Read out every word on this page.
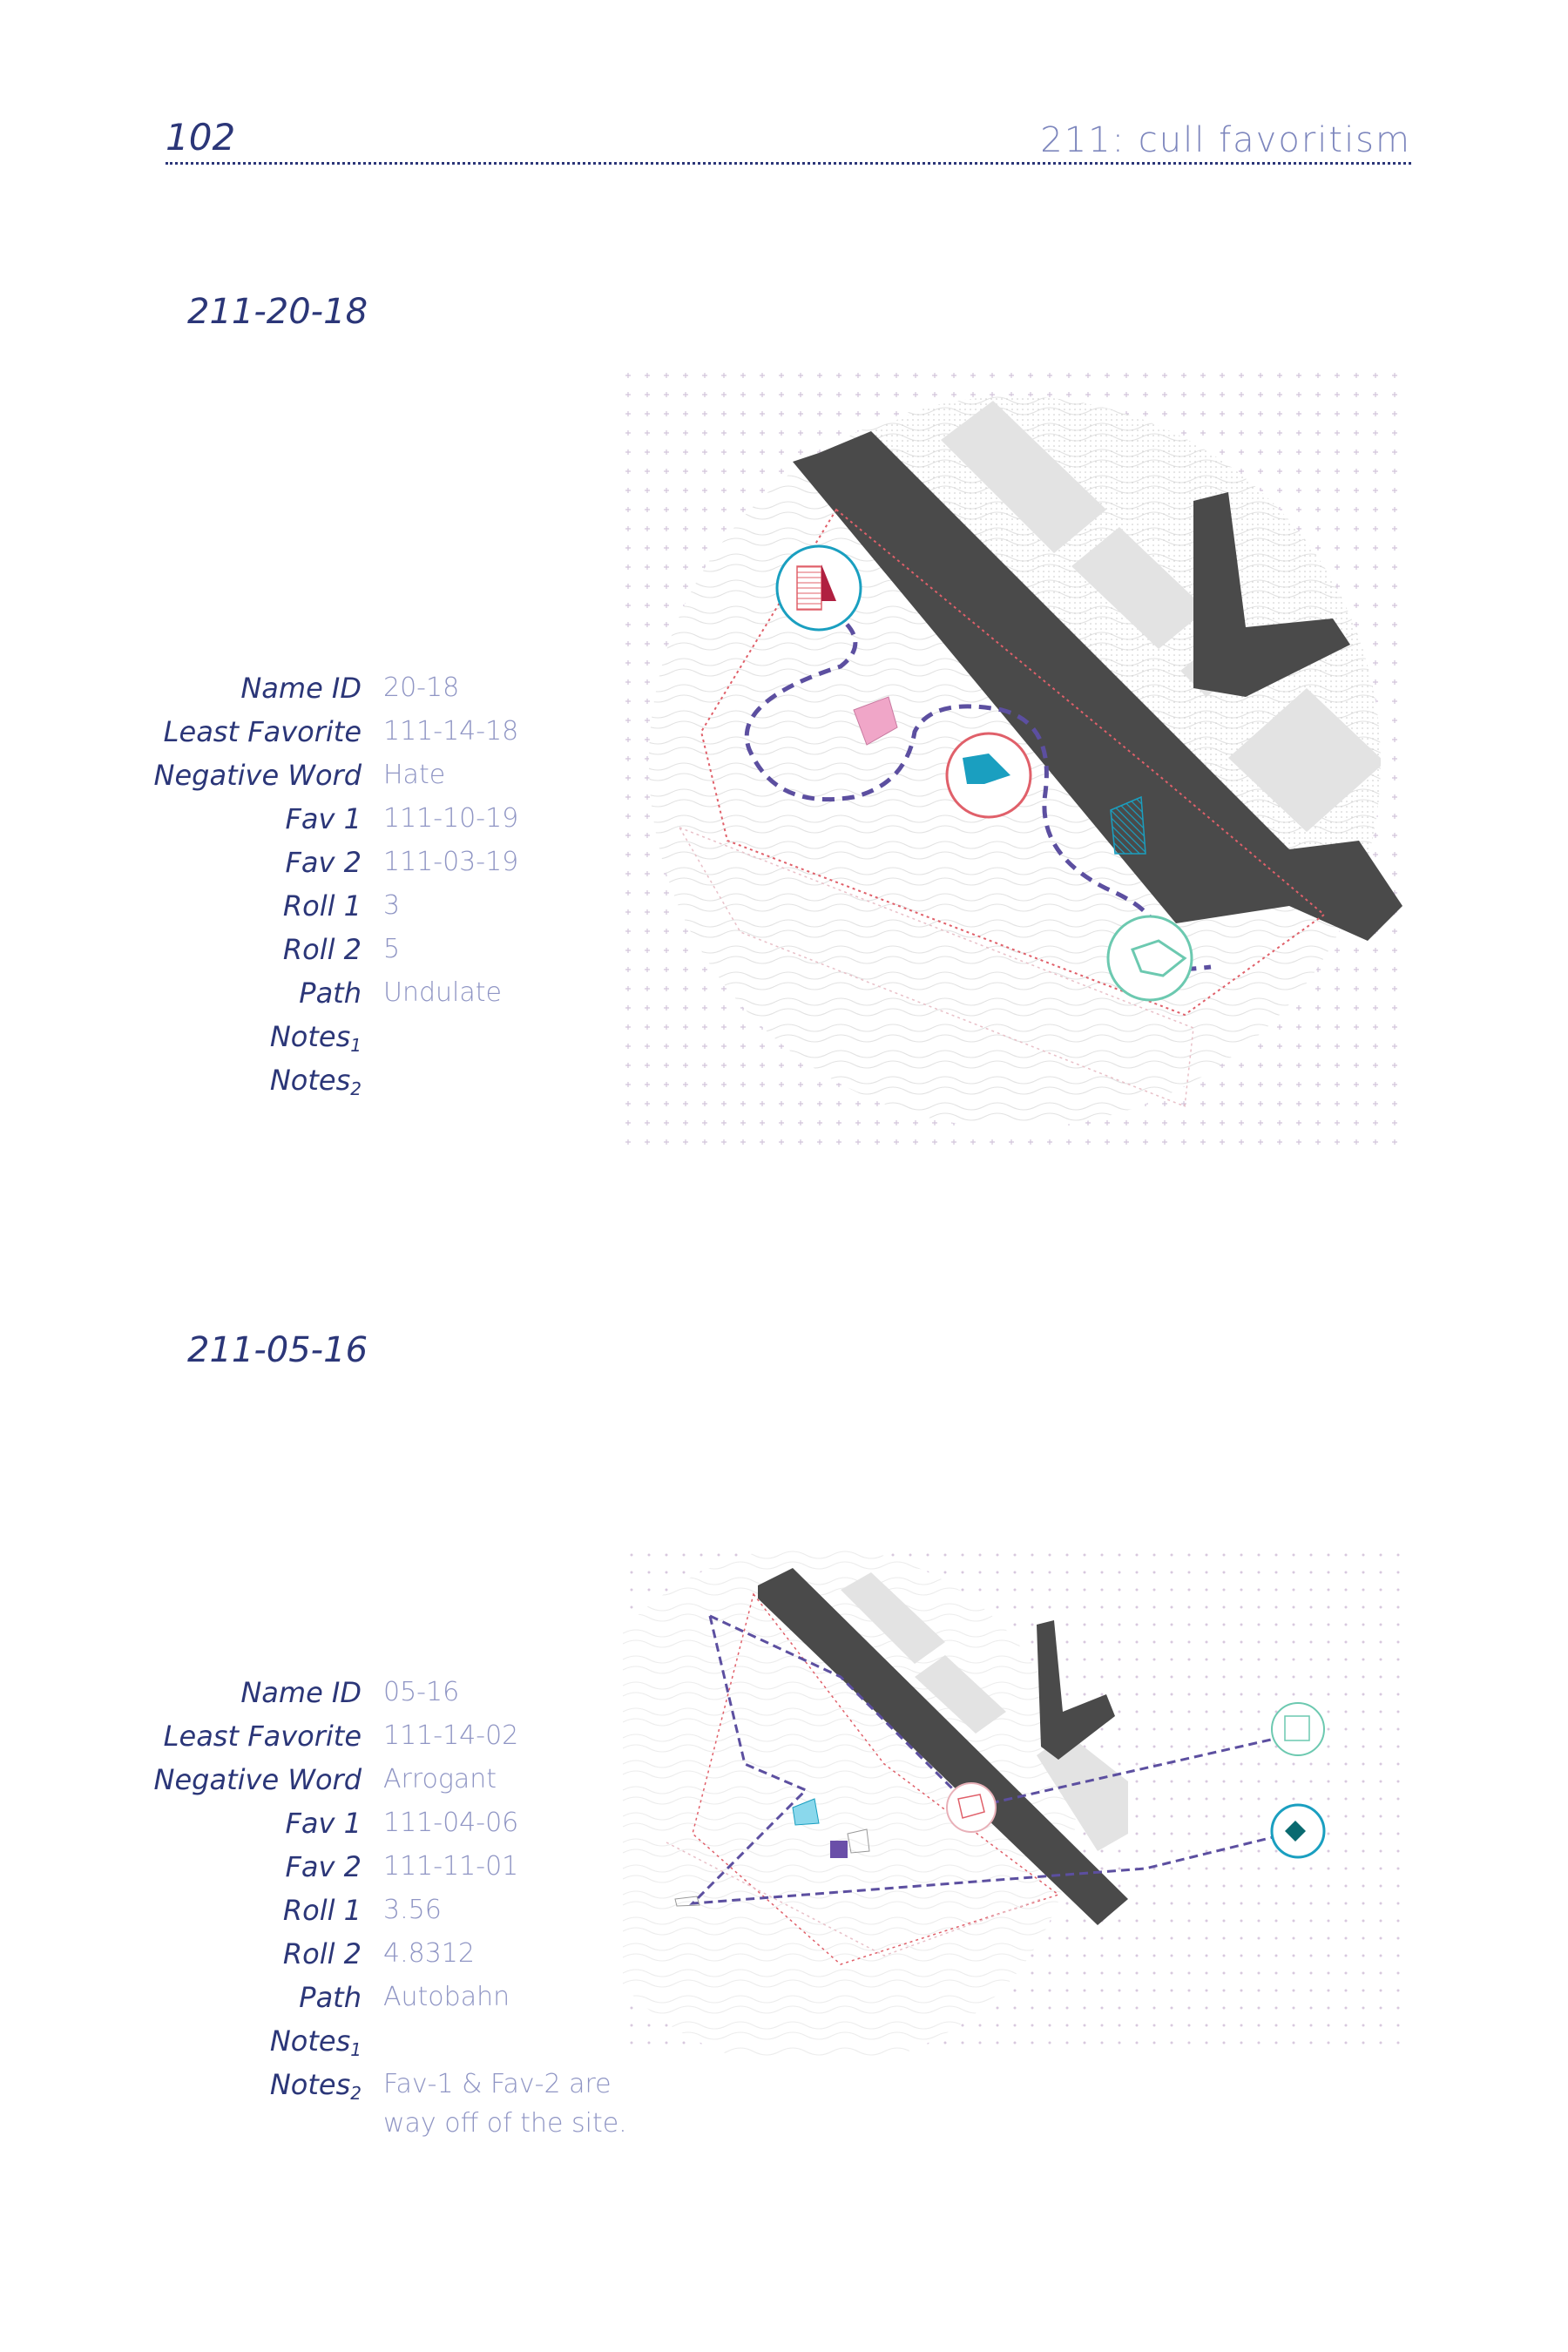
102	211: cull favoritism
211-20-18
Name ID 20-18
Least Favorite 111-14-18
Negative Word Hate
Fav 1 111-10-19
Fav 2 111-03-19
Roll 1 3
Roll 2 5
Path Undulate
Notes$_1$
Notes$_2$
211-05-16
Name ID 05-16
Least Favorite 111-14-02
Negative Word Arrogant
Fav 1 111-04-06
Fav 2 111-11-01
Roll 1 3.56
Roll 2 4.8312
Path Autobahn
Notes$_1$
Notes$_2$ Fav-1 & Fav-2 are
way off of the site.
